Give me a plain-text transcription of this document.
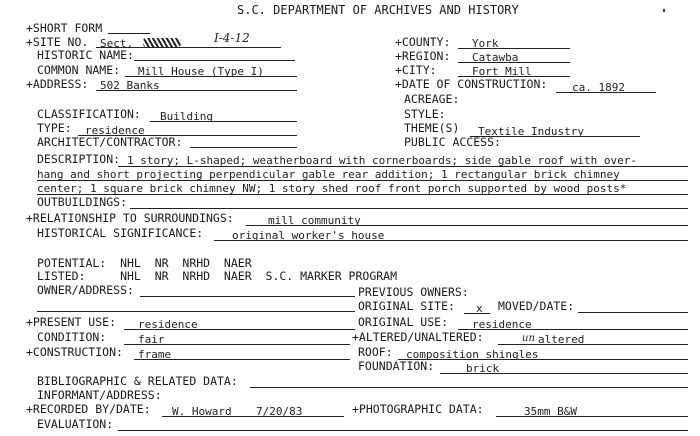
S.C. DEPARTMENT OF ARCHIVES AND HISTORY
+SHORT FORM
+SITE NO. Sect.	I-4-12	+COUNTY: York
HISTORIC NAME:	+REGION: Catawba
COMMON NAME: Mill House (Type I)	+CITY:	Fort Mill
+ADDRESS: 502 Banks	+DATE OF CONSTRUCTION: ca. 1892
ACREAGE:
CLASSIFICATION: Building	STYLE:
TYPE: residence	THEME(S) Textile Industry
ARCHITECT/CONTRACTOR:	PUBLIC ACCESS:
DESCRIPTION: 1 story; L-shaped; weatherboard with cornerboards; side gable roof with over-
hang and short projecting perpendicular gable rear addition; 1 rectangular brick chimney
center; 1 square brick chimney NW; 1 story shed roof front porch supported by wood posts*
OUTBUILDINGS:
+RELATIONSHIP TO SURROUNDINGS:	mill community
HISTORICAL SIGNIFICANCE:	original worker's house
POTENTIAL:  NHL  NR  NRHD  NAER
LISTED:     NHL  NR  NRHD  NAER  S.C. MARKER PROGRAM
OWNER/ADDRESS:	PREVIOUS OWNERS:
ORIGINAL SITE: x MOVED/DATE:
+PRESENT USE: residence	ORIGINAL USE: residence
CONDITION:	fair	+ALTERED/UNALTERED:	un altered
+CONSTRUCTION: frame	ROOF: composition shingles
FOUNDATION:	brick
BIBLIOGRAPHIC & RELATED DATA:
INFORMANT/ADDRESS:
+RECORDED BY/DATE: W. Howard 7/20/83	+PHOTOGRAPHIC DATA:	35mm B&W
EVALUATION:
